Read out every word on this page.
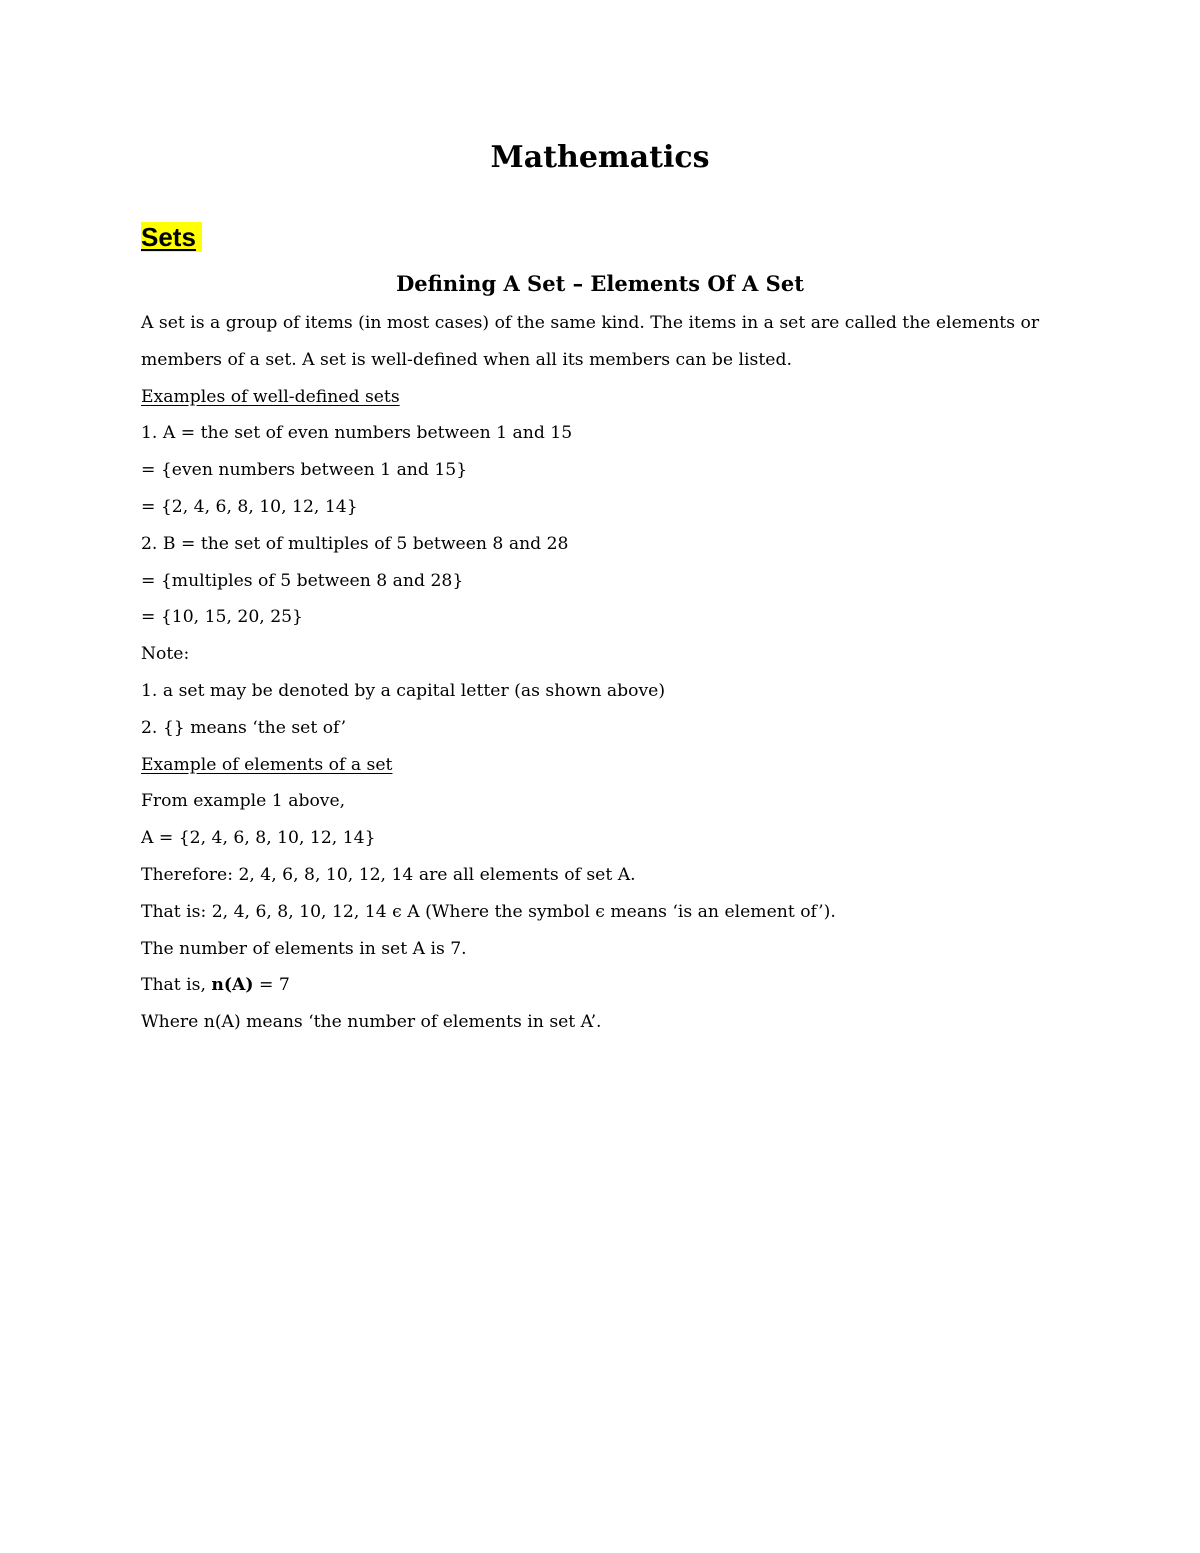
Mathematics
Sets
Defining A Set – Elements Of A Set

A set is a group of items (in most cases) of the same kind. The items in a set are called the elements or members of a set. A set is well-defined when all its members can be listed.

Examples of well-defined sets

1. A = the set of even numbers between 1 and 15

= {even numbers between 1 and 15}

= {2, 4, 6, 8, 10, 12, 14}

2. B = the set of multiples of 5 between 8 and 28

= {multiples of 5 between 8 and 28}

= {10, 15, 20, 25}

Note:

1. a set may be denoted by a capital letter (as shown above)

2. {} means ‘the set of’

Example of elements of a set

From example 1 above,

A = {2, 4, 6, 8, 10, 12, 14}

Therefore: 2, 4, 6, 8, 10, 12, 14 are all elements of set A.

That is: 2, 4, 6, 8, 10, 12, 14 ϵ A (Where the symbol ϵ means ‘is an element of’).

The number of elements in set A is 7.

That is, n(A) = 7

Where n(A) means ‘the number of elements in set A’.
